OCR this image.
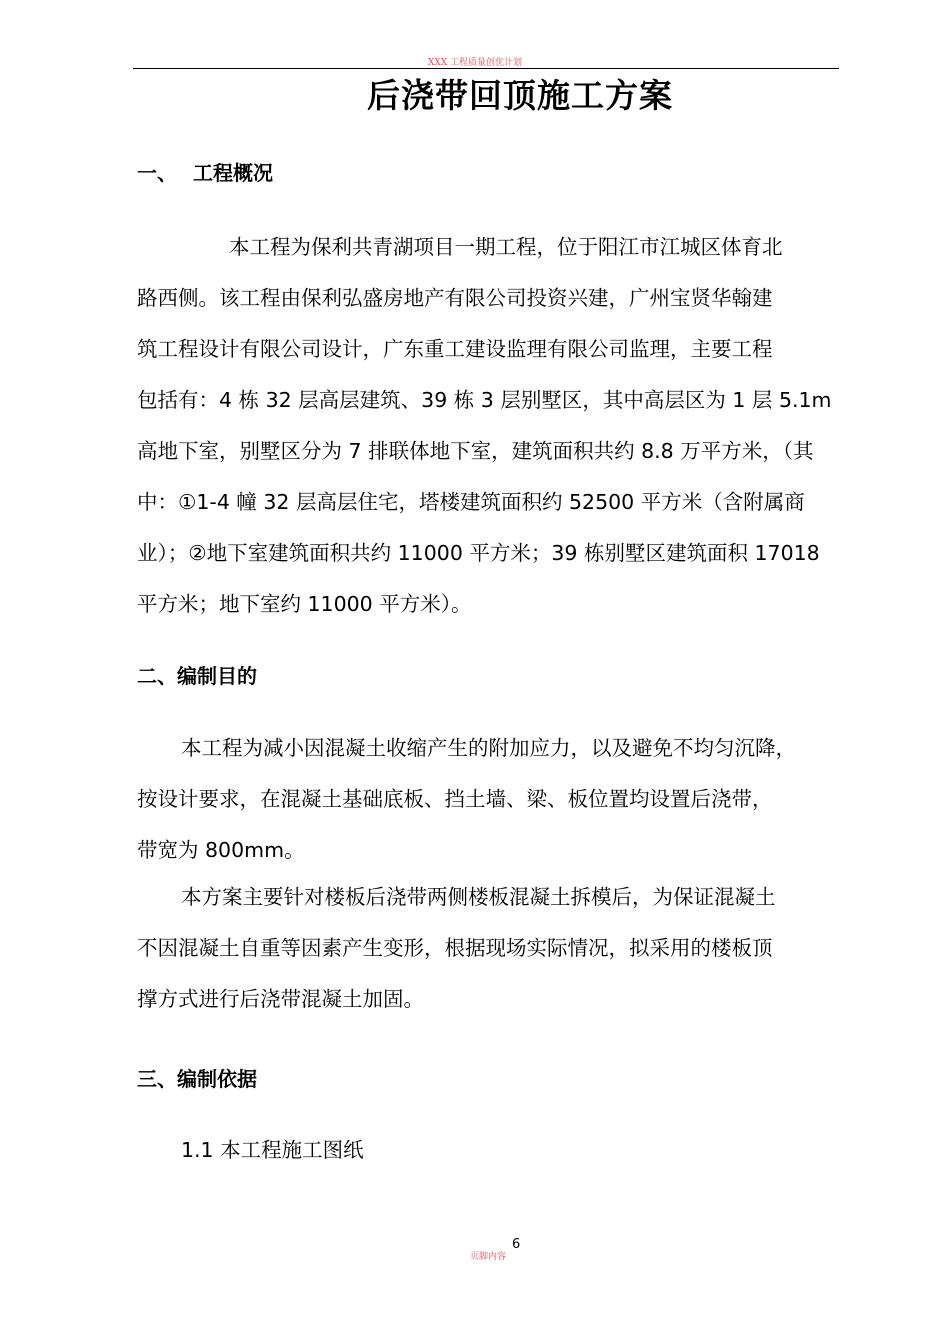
XXX 工程质量创优计划
后浇带回顶施工方案
一、 工程概况
本工程为保利共青湖项目一期工程，位于阳江市江城区体育北
路西侧。该工程由保利弘盛房地产有限公司投资兴建，广州宝贤华翰建
筑工程设计有限公司设计，广东重工建设监理有限公司监理，主要工程
包括有：4 栋 32 层高层建筑、39 栋 3 层别墅区，其中高层区为 1 层 5.1m
高地下室，别墅区分为 7 排联体地下室，建筑面积共约 8.8 万平方米，（其
中：①1-4 幢 32 层高层住宅，塔楼建筑面积约 52500 平方米（含附属商
业）；②地下室建筑面积共约 11000 平方米；39 栋别墅区建筑面积 17018
平方米；地下室约 11000 平方米）。
二、编制目的
本工程为减小因混凝土收缩产生的附加应力，以及避免不均匀沉降，
按设计要求，在混凝土基础底板、挡土墙、梁、板位置均设置后浇带，
带宽为 800mm。
本方案主要针对楼板后浇带两侧楼板混凝土拆模后，为保证混凝土
不因混凝土自重等因素产生变形，根据现场实际情况，拟采用的楼板顶
撑方式进行后浇带混凝土加固。
三、编制依据
1.1 本工程施工图纸
页脚内容
6
